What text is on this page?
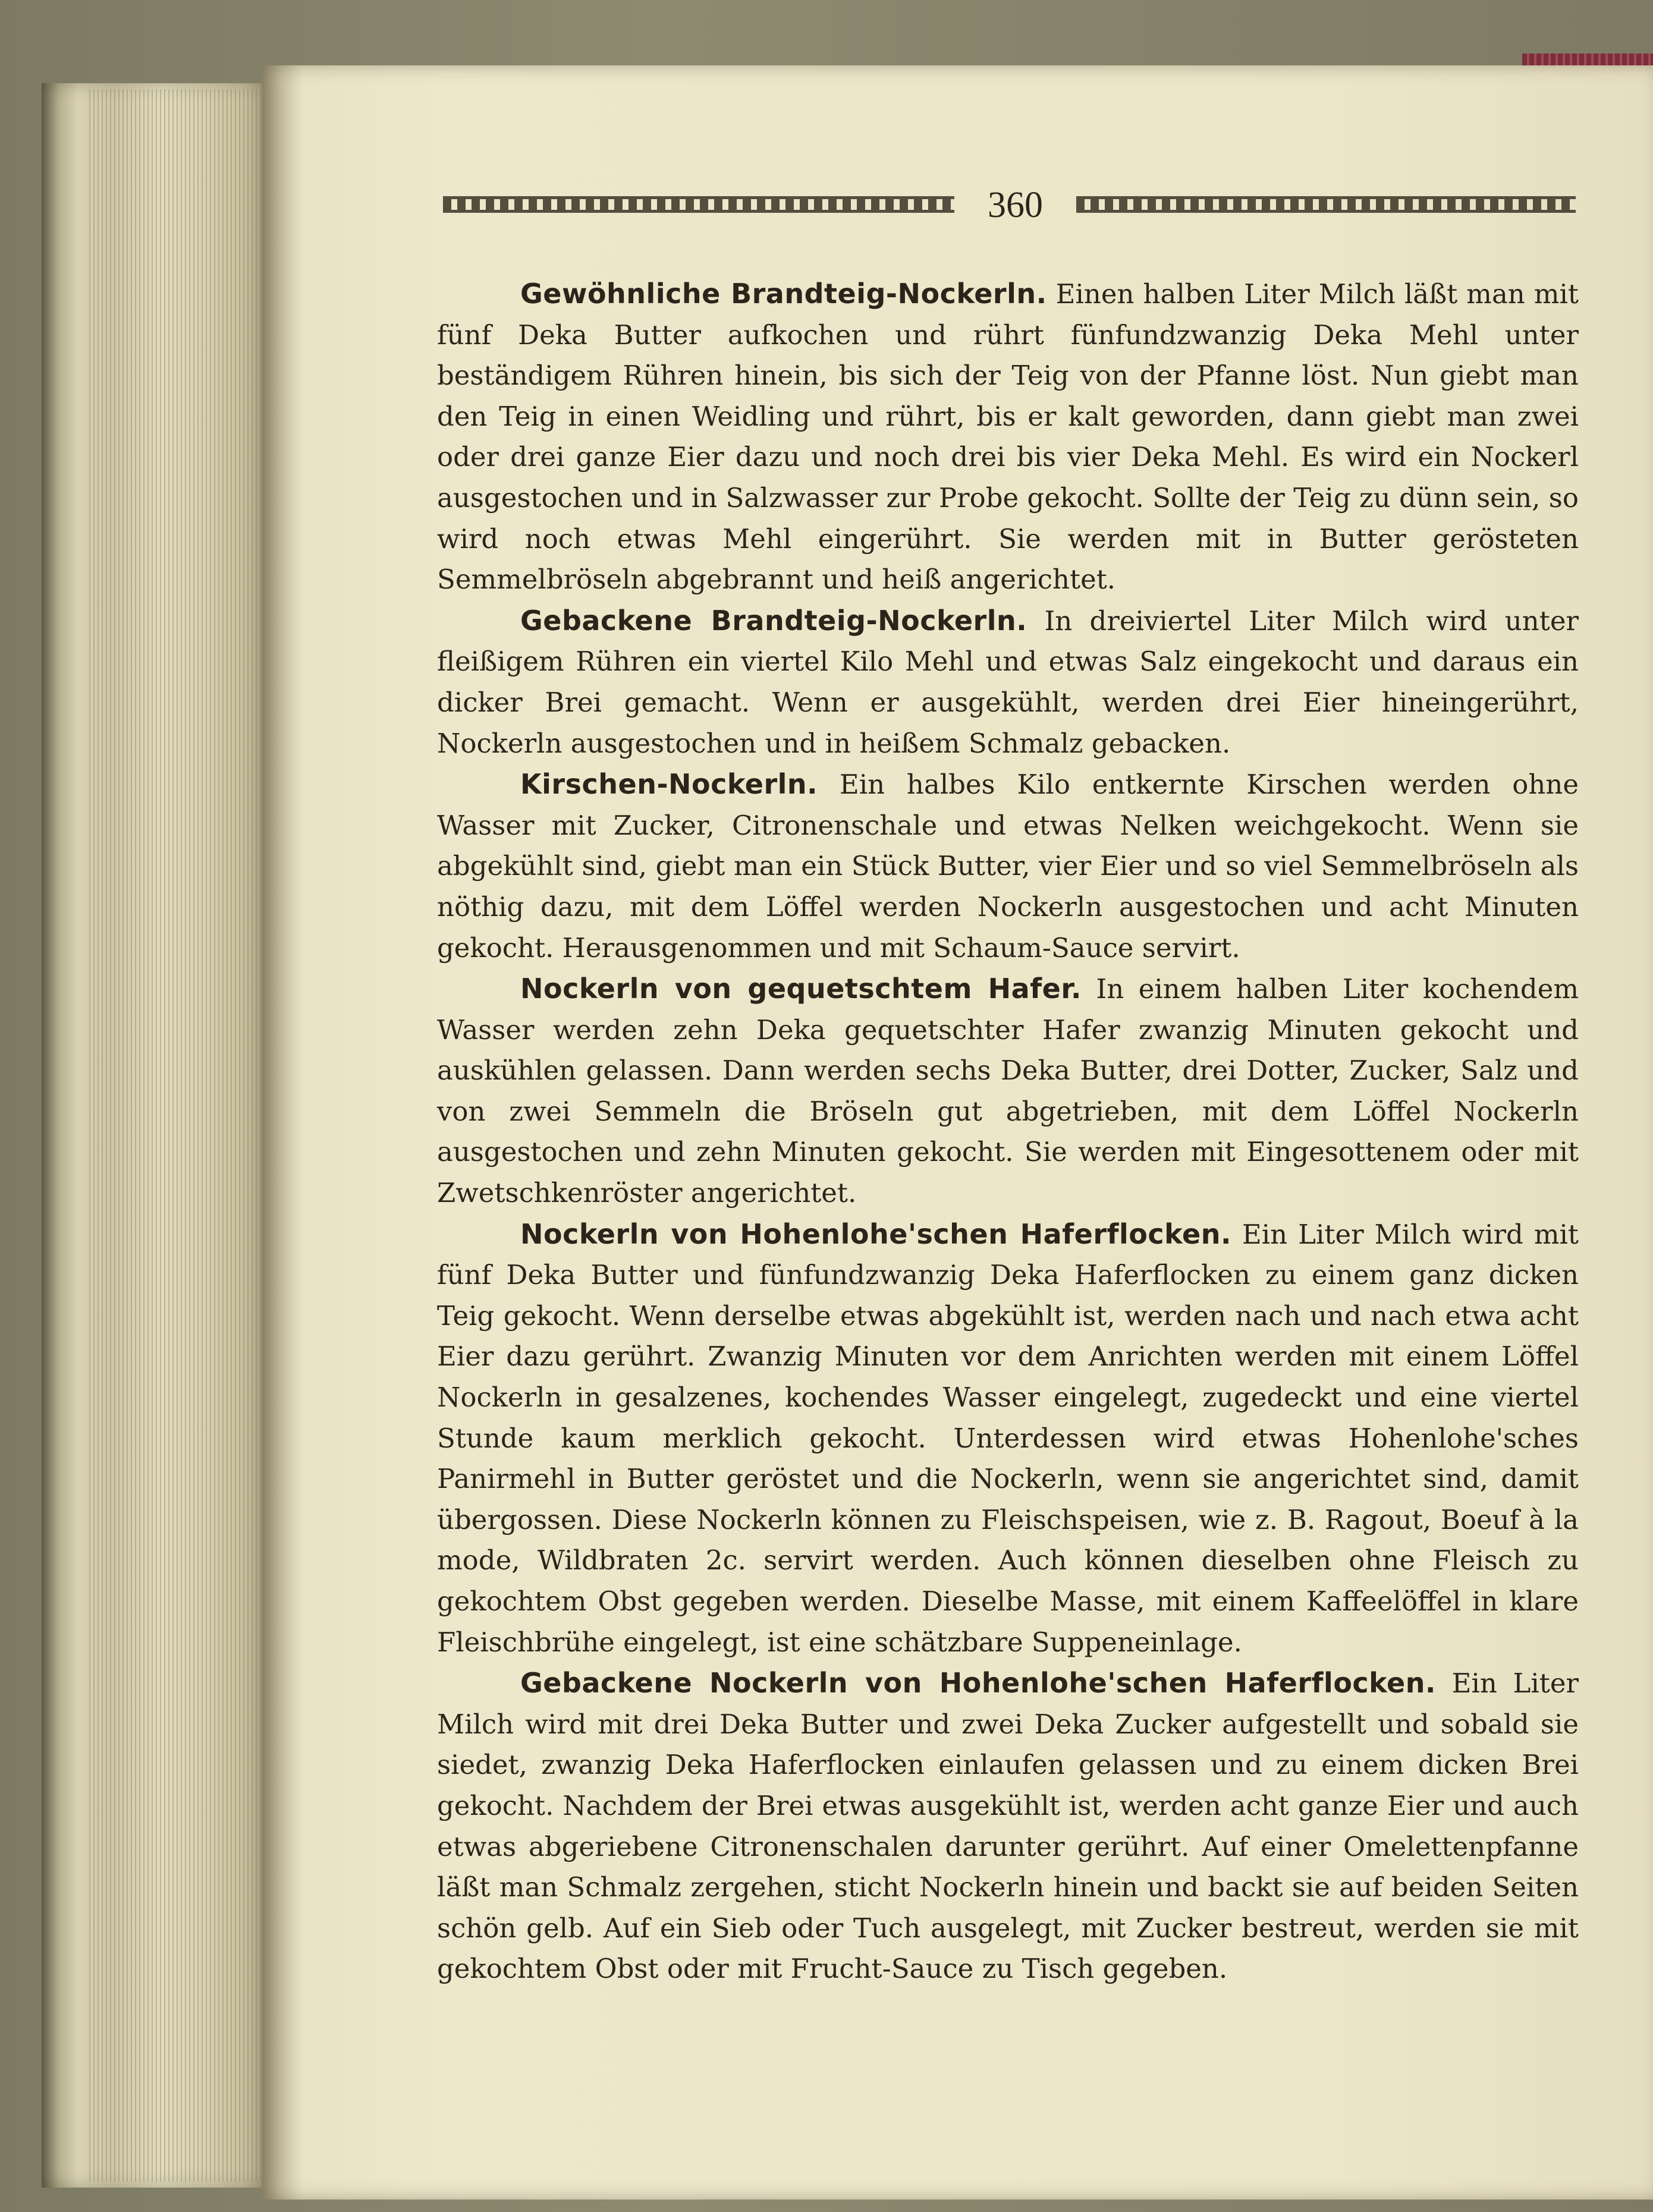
360

Gewöhnliche Brandteig-Nockerln. Einen halben Liter Milch läßt man mit fünf Deka Butter aufkochen und rührt fünfundzwanzig Deka Mehl unter beständigem Rühren hinein, bis sich der Teig von der Pfanne löst. Nun giebt man den Teig in einen Weidling und rührt, bis er kalt geworden, dann giebt man zwei oder drei ganze Eier dazu und noch drei bis vier Deka Mehl. Es wird ein Nockerl ausgestochen und in Salzwasser zur Probe gekocht. Sollte der Teig zu dünn sein, so wird noch etwas Mehl eingerührt. Sie werden mit in Butter gerösteten Semmelbröseln abgebrannt und heiß angerichtet.

Gebackene Brandteig-Nockerln. In dreiviertel Liter Milch wird unter fleißigem Rühren ein viertel Kilo Mehl und etwas Salz eingekocht und daraus ein dicker Brei gemacht. Wenn er ausgekühlt, werden drei Eier hineingerührt, Nockerln ausgestochen und in heißem Schmalz gebacken.

Kirschen-Nockerln. Ein halbes Kilo entkernte Kirschen werden ohne Wasser mit Zucker, Citronenschale und etwas Nelken weichgekocht. Wenn sie abgekühlt sind, giebt man ein Stück Butter, vier Eier und so viel Semmelbröseln als nöthig dazu, mit dem Löffel werden Nockerln ausgestochen und acht Minuten gekocht. Herausgenommen und mit Schaum-Sauce servirt.

Nockerln von gequetschtem Hafer. In einem halben Liter kochendem Wasser werden zehn Deka gequetschter Hafer zwanzig Minuten gekocht und auskühlen gelassen. Dann werden sechs Deka Butter, drei Dotter, Zucker, Salz und von zwei Semmeln die Bröseln gut abgetrieben, mit dem Löffel Nockerln ausgestochen und zehn Minuten gekocht. Sie werden mit Eingesottenem oder mit Zwetschkenröster angerichtet.

Nockerln von Hohenlohe'schen Haferflocken. Ein Liter Milch wird mit fünf Deka Butter und fünfundzwanzig Deka Haferflocken zu einem ganz dicken Teig gekocht. Wenn derselbe etwas abgekühlt ist, werden nach und nach etwa acht Eier dazu gerührt. Zwanzig Minuten vor dem Anrichten werden mit einem Löffel Nockerln in gesalzenes, kochendes Wasser eingelegt, zugedeckt und eine viertel Stunde kaum merklich gekocht. Unterdessen wird etwas Hohenlohe'sches Panirmehl in Butter geröstet und die Nockerln, wenn sie angerichtet sind, damit übergossen. Diese Nockerln können zu Fleischspeisen, wie z. B. Ragout, Boeuf à la mode, Wildbraten 2c. servirt werden. Auch können dieselben ohne Fleisch zu gekochtem Obst gegeben werden. Dieselbe Masse, mit einem Kaffeelöffel in klare Fleischbrühe eingelegt, ist eine schätzbare Suppeneinlage.

Gebackene Nockerln von Hohenlohe'schen Haferflocken. Ein Liter Milch wird mit drei Deka Butter und zwei Deka Zucker aufgestellt und sobald sie siedet, zwanzig Deka Haferflocken einlaufen gelassen und zu einem dicken Brei gekocht. Nachdem der Brei etwas ausgekühlt ist, werden acht ganze Eier und auch etwas abgeriebene Citronenschalen darunter gerührt. Auf einer Omelettenpfanne läßt man Schmalz zergehen, sticht Nockerln hinein und backt sie auf beiden Seiten schön gelb. Auf ein Sieb oder Tuch ausgelegt, mit Zucker bestreut, werden sie mit gekochtem Obst oder mit Frucht-Sauce zu Tisch gegeben.
